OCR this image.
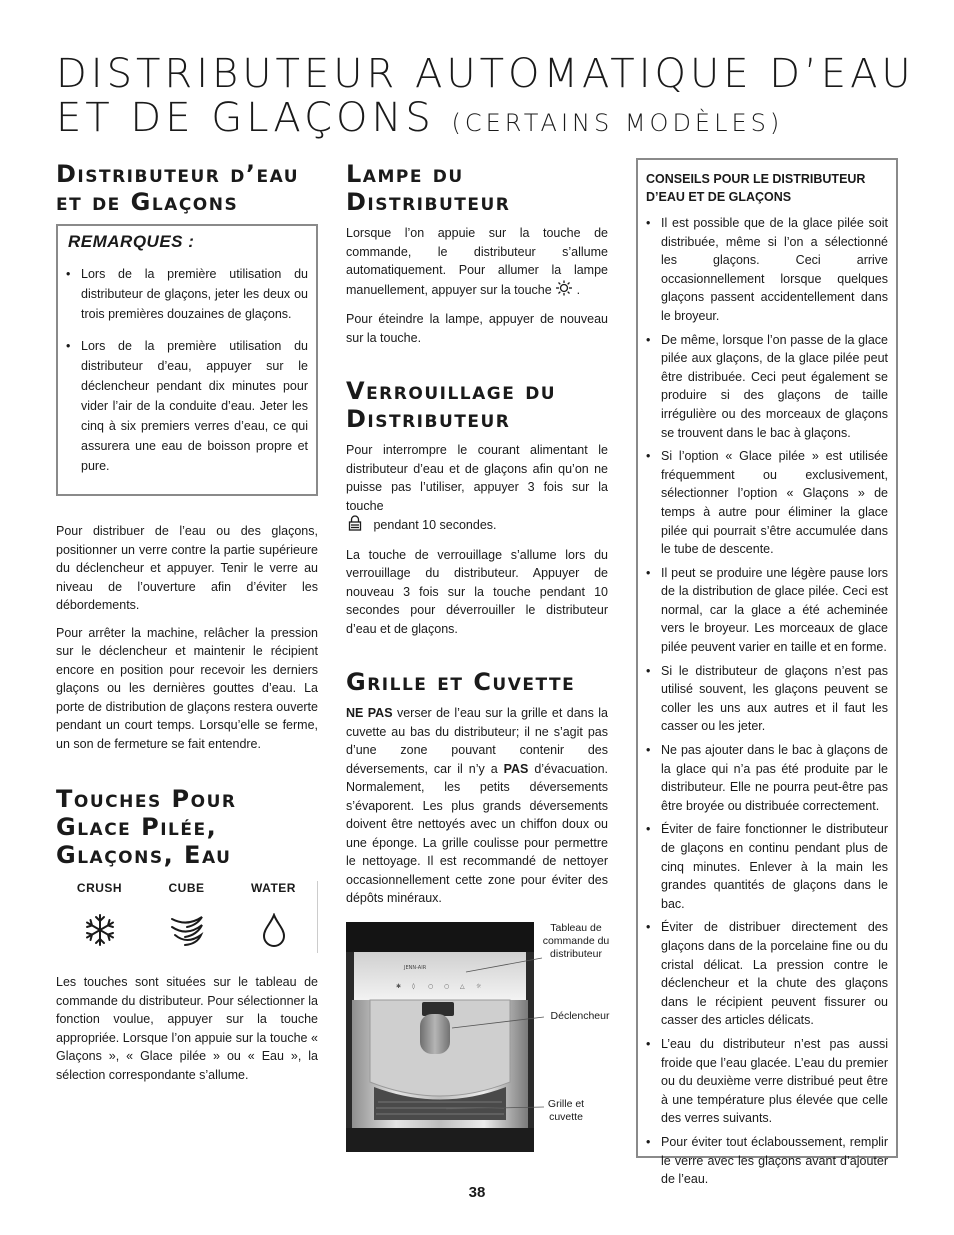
DISTRIBUTEUR AUTOMATIQUE D’EAU
ET DE GLAÇONS (CERTAINS MODÈLES)
Distributeur d’eau et de Glaçons
REMARQUES :
• Lors de la première utilisation du distributeur de glaçons, jeter les deux ou trois premières douzaines de glaçons.
• Lors de la première utilisation du distributeur d’eau, appuyer sur le déclencheur pendant dix minutes pour vider l’air de la conduite d’eau. Jeter les cinq à six premiers verres d’eau, ce qui assurera une eau de boisson propre et pure.

Pour distribuer de l’eau ou des glaçons, positionner un verre contre la partie supérieure du déclencheur et appuyer. Tenir le verre au niveau de l’ouverture afin d’éviter les débordements.

Pour arrêter la machine, relâcher la pression sur le déclencheur et maintenir le récipient encore en position pour recevoir les derniers glaçons ou les dernières gouttes d’eau. La porte de distribution de glaçons restera ouverte pendant un court temps. Lorsqu’elle se ferme, un son de fermeture se fait entendre.

Touches Pour Glace Pilée, Glaçons, Eau
CRUSH	CUBE	WATER

Les touches sont situées sur le tableau de commande du distributeur. Pour sélectionner la fonction voulue, appuyer sur la touche appropriée. Lorsque l’on appuie sur la touche « Glaçons », « Glace pilée » ou « Eau », la sélection correspondante s’allume.

Lampe du Distributeur

Lorsque l’on appuie sur la touche de commande, le distributeur s’allume automatiquement. Pour allumer la lampe manuellement, appuyer sur la touche .

Pour éteindre la lampe, appuyer de nouveau sur la touche.

Verrouillage du Distributeur

Pour interrompre le courant alimentant le distributeur d’eau et de glaçons afin qu’on ne puisse pas l’utiliser, appuyer 3 fois sur la touche
pendant 10 secondes.

La touche de verrouillage s’allume lors du verrouillage du distributeur. Appuyer de nouveau 3 fois sur la touche pendant 10 secondes pour déverrouiller le distributeur d’eau et de glaçons.

Grille et Cuvette

NE PAS verser de l’eau sur la grille et dans la cuvette au bas du distributeur; il ne s’agit pas d’une zone pouvant contenir des déversements, car il n’y a PAS d’évacuation. Normalement, les petits déversements s’évaporent. Les plus grands déversements doivent être nettoyés avec un chiffon doux ou une éponge. La grille coulisse pour permettre le nettoyage. Il est recommandé de nettoyer occasionnellement cette zone pour éviter des dépôts minéraux.

JENN-AIR
✱ ◊ ○ ○ △ ☼
Tableau de commande du distributeur
Déclencheur
Grille et cuvette
CONSEILS POUR LE DISTRIBUTEUR D’EAU ET DE GLAÇONS
• Il est possible que de la glace pilée soit distribuée, même si l’on a sélectionné les glaçons. Ceci arrive occasionnellement lorsque quelques glaçons passent accidentellement dans le broyeur.
• De même, lorsque l’on passe de la glace pilée aux glaçons, de la glace pilée peut être distribuée. Ceci peut également se produire si des glaçons de taille irrégulière ou des morceaux de glaçons se trouvent dans le bac à glaçons.
• Si l’option « Glace pilée » est utilisée fréquemment ou exclusivement, sélectionner l’option « Glaçons » de temps à autre pour éliminer la glace pilée qui pourrait s’être accumulée dans le tube de descente.
• Il peut se produire une légère pause lors de la distribution de glace pilée. Ceci est normal, car la glace a été acheminée vers le broyeur. Les morceaux de glace pilée peuvent varier en taille et en forme.
• Si le distributeur de glaçons n’est pas utilisé souvent, les glaçons peuvent se coller les uns aux autres et il faut les casser ou les jeter.
• Ne pas ajouter dans le bac à glaçons de la glace qui n’a pas été produite par le distributeur. Elle ne pourra peut-être pas être broyée ou distribuée correctement.
• Éviter de faire fonctionner le distributeur de glaçons en continu pendant plus de cinq minutes. Enlever à la main les grandes quantités de glaçons dans le bac.
• Éviter de distribuer directement des glaçons dans de la porcelaine fine ou du cristal délicat. La pression contre le déclencheur et la chute des glaçons dans le récipient peuvent fissurer ou casser des articles délicats.
• L’eau du distributeur n’est pas aussi froide que l’eau glacée. L’eau du premier ou du deuxième verre distribué peut être à une température plus élevée que celle des verres suivants.
• Pour éviter tout éclaboussement, remplir le verre avec les glaçons avant d’ajouter de l’eau.
38
